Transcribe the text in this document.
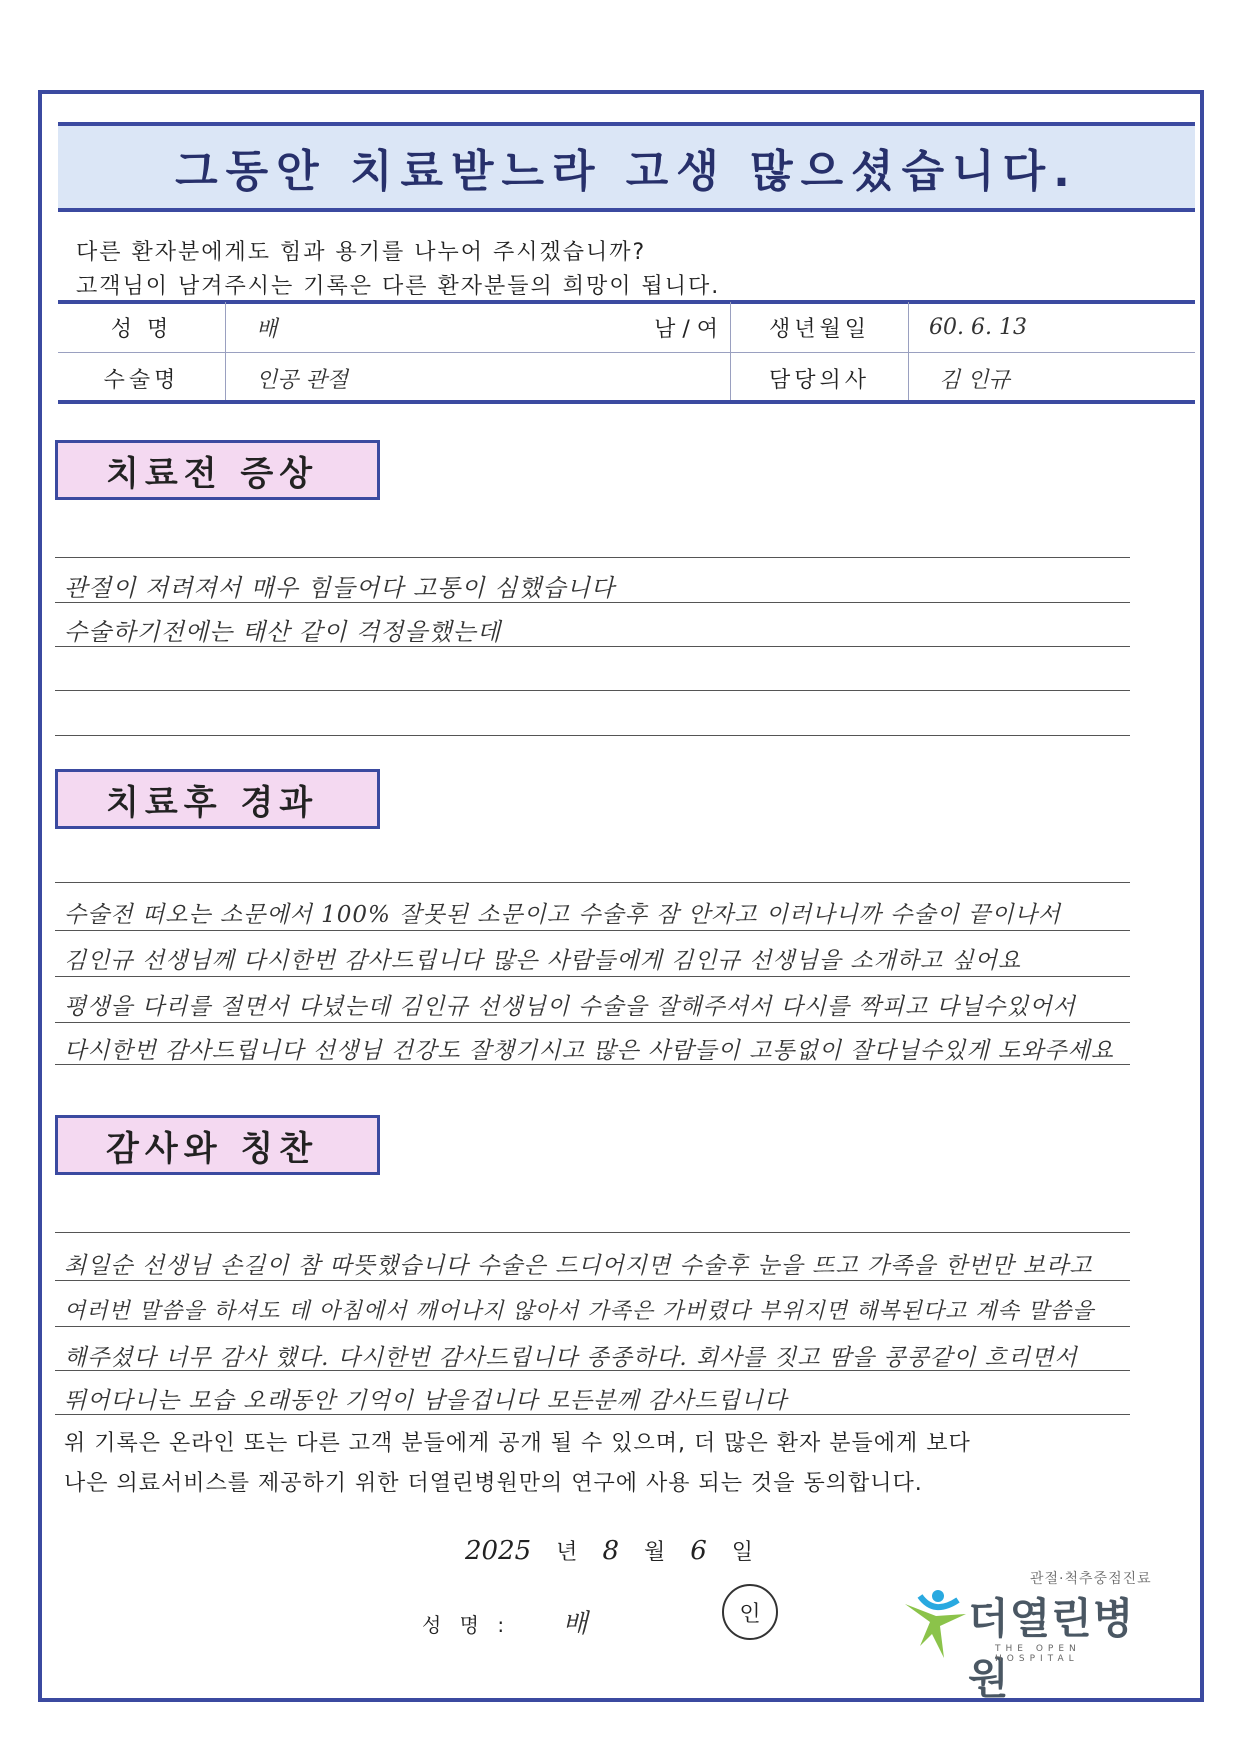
그동안 치료받느라 고생 많으셨습니다.
다른 환자분에게도 힘과 용기를 나누어 주시겠습니까?
고객님이 남겨주시는 기록은 다른 환자분들의 희망이 됩니다.
성 명	배	남 / 여	생년월일	60. 6. 13
수술명	인공 관절		담당의사	김 인규
치료전 증상
관절이 저려져서 매우 힘들어다 고통이 심했습니다
수술하기전에는 태산 같이 걱정을했는데
치료후 경과
수술전 떠오는 소문에서 100% 잘못된 소문이고 수술후 잠 안자고 이러나니까 수술이 끝이나서
김인규 선생님께 다시한번 감사드립니다 많은 사람들에게 김인규 선생님을 소개하고 싶어요
평생을 다리를 절면서 다녔는데 김인규 선생님이 수술을 잘해주셔서 다시를 짝피고 다닐수있어서
다시한번 감사드립니다 선생님 건강도 잘챙기시고 많은 사람들이 고통없이 잘다닐수있게 도와주세요
감사와 칭찬
최일순 선생님 손길이 참 따뜻했습니다 수술은 드디어지면 수술후 눈을 뜨고 가족을 한번만 보라고
여러번 말씀을 하셔도 데 아침에서 깨어나지 않아서 가족은 가버렸다 부위지면 해복된다고 계속 말씀을
해주셨다 너무 감사 했다. 다시한번 감사드립니다 종종하다. 회사를 짓고 땀을 콩콩같이 흐리면서
뛰어다니는 모습 오래동안 기억이 남을겁니다 모든분께 감사드립니다
위 기록은 온라인 또는 다른 고객 분들에게 공개 될 수 있으며, 더 많은 환자 분들에게 보다
나은 의료서비스를 제공하기 위한 더열린병원만의 연구에 사용 되는 것을 동의합니다.
2025 년 8 월 6 일
성 명 : 배	인
관절·척추중점진료
더열린병원
THE OPEN HOSPITAL
